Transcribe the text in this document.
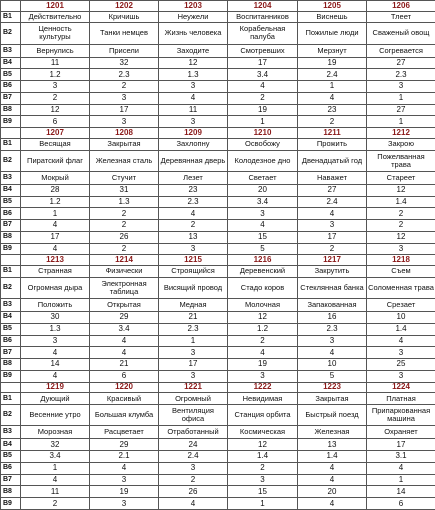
	1201	1202	1203	1204	1205	1206
B1	Действительно	Кричишь	Неужели	Воспитанников	Виснешь	Тлеет
B2	Ценность культуры	Танки немцев	Жизнь человека	Корабельная палуба	Пожилые люди	Сваженый овощ
B3	Вернулись	Присели	Заходите	Смотревших	Мерзнут	Согревается
B4	11	32	12	17	19	27
B5	1.2	2.3	1.3	3.4	2.4	2.3
B6	3	2	3	4	1	3
B7	2	3	4	2	4	1
B8	12	17	11	19	23	27
B9	6	3	3	1	2	1
	1207	1208	1209	1210	1211	1212
B1	Весящая	Закрытая	Захлопну	Освобожу	Прожить	Закрою
B2	Пиратский флаг	Железная сталь	Деревянная дверь	Колодезное дно	Двенадцатый год	Пожелванная трава
B3	Мокрый	Стучит	Лезет	Светает	Наважет	Стареет
B4	28	31	23	20	27	12
B5	1.2	1.3	2.3	3.4	2.4	1.4
B6	1	2	4	3	4	2
B7	4	2	2	4	3	2
B8	17	26	13	15	17	12
B9	4	2	3	5	2	3
	1213	1214	1215	1216	1217	1218
B1	Странная	Физически	Строящийся	Деревенский	Закрутить	Съем
B2	Огромная дыра	Электронная таблица	Висящий провод	Стадо коров	Стеклянная банка	Соломенная трава
B3	Положить	Открытая	Медная	Молочная	Запакованная	Срезает
B4	30	29	21	12	16	10
B5	1.3	3.4	2.3	1.2	2.3	1.4
B6	3	4	1	2	3	4
B7	4	4	3	4	4	3
B8	14	21	17	19	10	25
B9	4	6	3	3	5	3
	1219	1220	1221	1222	1223	1224
B1	Дующий	Красивый	Огромный	Невидимая	Закрытая	Платная
B2	Весенние утро	Большая клумба	Вентиляция офиса	Станция орбита	Быстрый поезд	Припаркованная машина
B3	Морозная	Расцветает	Отработанный	Космическая	Железная	Охраняет
B4	32	29	24	12	13	17
B5	3.4	2.1	2.4	1.4	1.4	3.1
B6	1	4	3	2	4	4
B7	4	3	2	3	4	1
B8	11	19	26	15	20	14
B9	2	3	4	1	4	6
